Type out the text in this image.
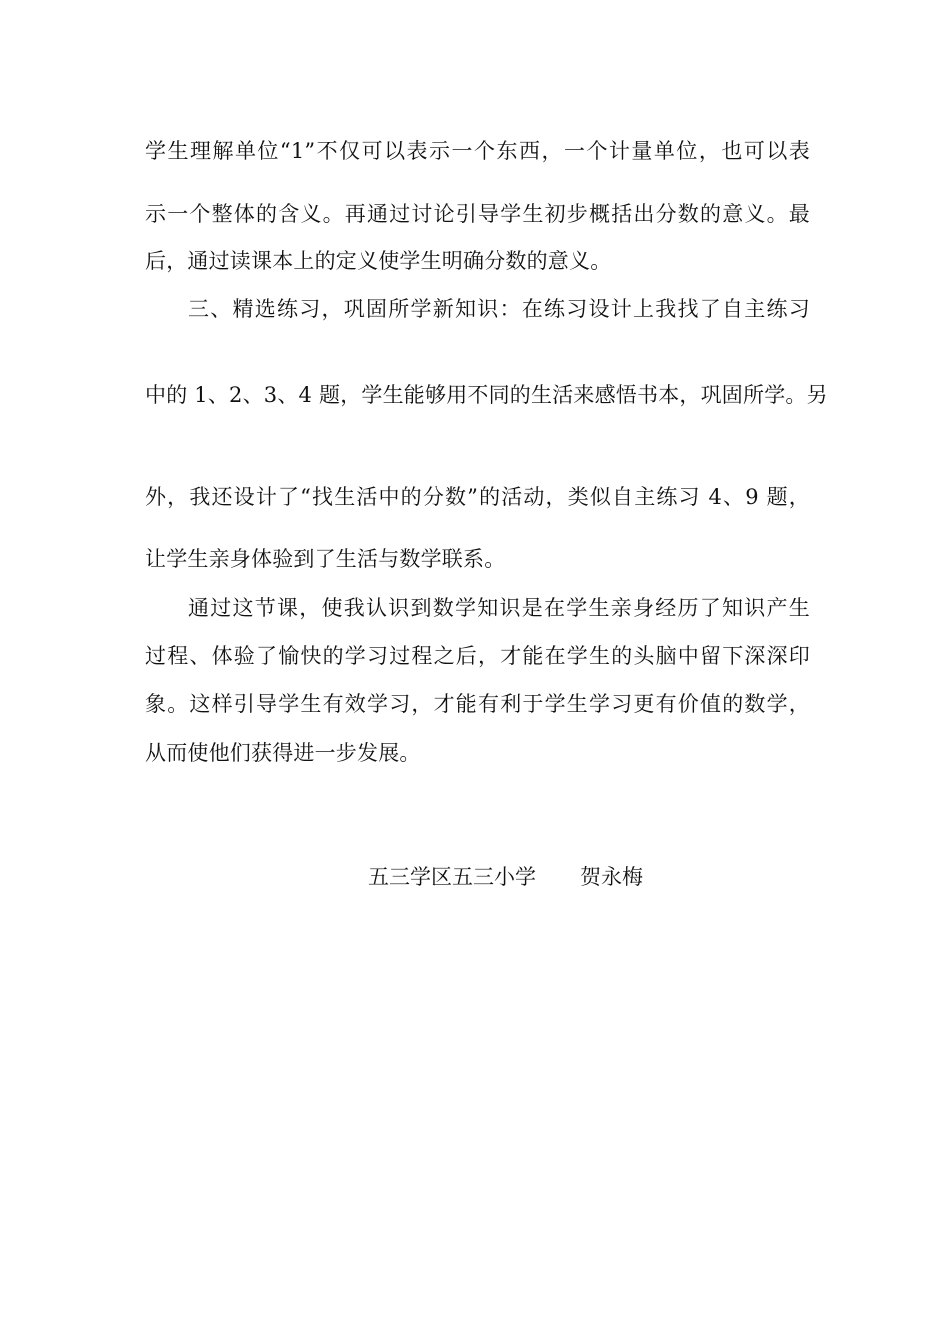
学生理解单位“1”不仅可以表示一个东西，一个计量单位，也可以表
示一个整体的含义。再通过讨论引导学生初步概括出分数的意义。最
后，通过读课本上的定义使学生明确分数的意义。
三、精选练习，巩固所学新知识：在练习设计上我找了自主练习
中的 1、2、3、4 题，学生能够用不同的生活来感悟书本，巩固所学。另
外，我还设计了“找生活中的分数”的活动，类似自主练习 4、9 题，
让学生亲身体验到了生活与数学联系。
通过这节课，使我认识到数学知识是在学生亲身经历了知识产生
过程、体验了愉快的学习过程之后，才能在学生的头脑中留下深深印
象。这样引导学生有效学习，才能有利于学生学习更有价值的数学，
从而使他们获得进一步发展。
五三学区五三小学 贺永梅
